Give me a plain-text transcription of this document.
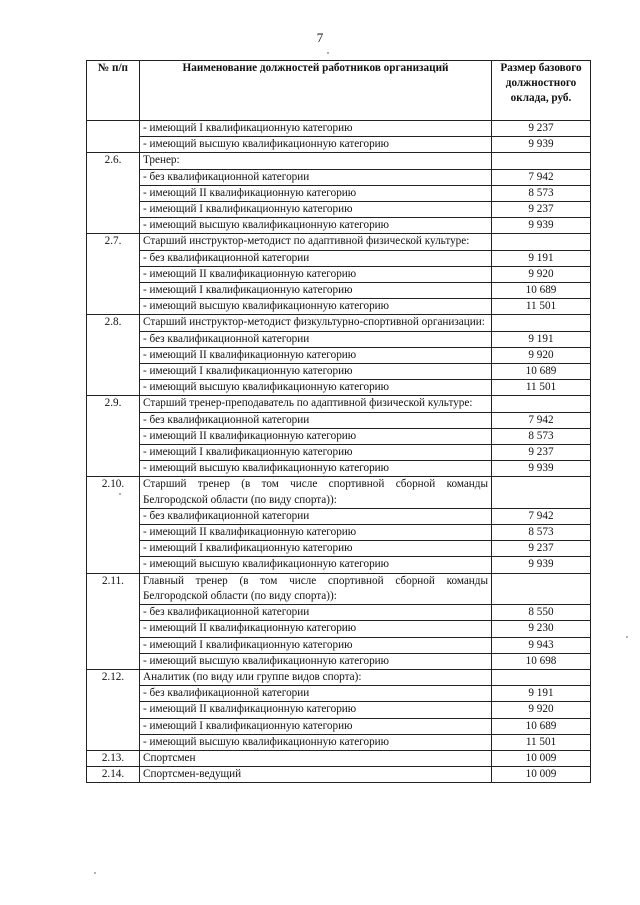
7
№ п/п	Наименование должностей работников организаций	Размер базового должностного оклада, руб.
	- имеющий I квалификационную категорию	9 237
	- имеющий высшую квалификационную категорию	9 939
2.6.	Тренер:	
	- без квалификационной категории	7 942
	- имеющий II квалификационную категорию	8 573
	- имеющий I квалификационную категорию	9 237
	- имеющий высшую квалификационную категорию	9 939
2.7.	Старший инструктор-методист по адаптивной физической культуре:	
	- без квалификационной категории	9 191
	- имеющий II квалификационную категорию	9 920
	- имеющий I квалификационную категорию	10 689
	- имеющий высшую квалификационную категорию	11 501
2.8.	Старший инструктор-методист физкультурно-спортивной организации:	
	- без квалификационной категории	9 191
	- имеющий II квалификационную категорию	9 920
	- имеющий I квалификационную категорию	10 689
	- имеющий высшую квалификационную категорию	11 501
2.9.	Старший тренер-преподаватель по адаптивной физической культуре:	
	- без квалификационной категории	7 942
	- имеющий II квалификационную категорию	8 573
	- имеющий I квалификационную категорию	9 237
	- имеющий высшую квалификационную категорию	9 939
2.10.	Старший тренер (в том числе спортивной сборной команды Белгородской области (по виду спорта)):	
	- без квалификационной категории	7 942
	- имеющий II квалификационную категорию	8 573
	- имеющий I квалификационную категорию	9 237
	- имеющий высшую квалификационную категорию	9 939
2.11.	Главный тренер (в том числе спортивной сборной команды Белгородской области (по виду спорта)):	
	- без квалификационной категории	8 550
	- имеющий II квалификационную категорию	9 230
	- имеющий I квалификационную категорию	9 943
	- имеющий высшую квалификационную категорию	10 698
2.12.	Аналитик (по виду или группе видов спорта):	
	- без квалификационной категории	9 191
	- имеющий II квалификационную категорию	9 920
	- имеющий I квалификационную категорию	10 689
	- имеющий высшую квалификационную категорию	11 501
2.13.	Спортсмен	10 009
2.14.	Спортсмен-ведущий	10 009
